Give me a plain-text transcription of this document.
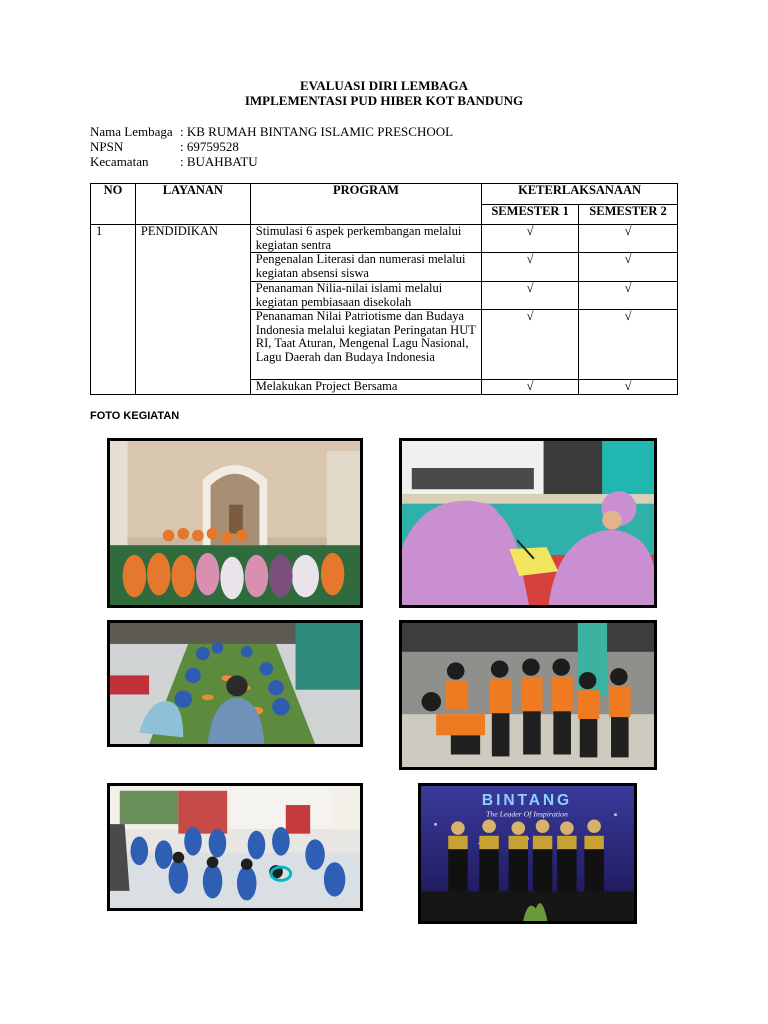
EVALUASI DIRI LEMBAGA
IMPLEMENTASI PUD HIBER KOT BANDUNG
Nama Lembaga : KB RUMAH BINTANG ISLAMIC PRESCHOOL
NPSN	: 69759528
Kecamatan : BUAHBATU
NO	LAYANAN	PROGRAM	KETERLAKSANAAN	
			SEMESTER 1	SEMESTER 2
1	PENDIDIKAN	Stimulasi 6 aspek perkembangan melalui kegiatan sentra	√	√
		Pengenalan Literasi dan numerasi melalui kegiatan absensi siswa	√	√
		Penanaman Nilia-nilai islami melalui kegiatan pembiasaan disekolah	√	√
		Penanaman Nilai Patriotisme dan Budaya Indonesia melalui kegiatan Peringatan HUT RI, Taat Aturan, Mengenal Lagu Nasional, Lagu Daerah dan Budaya Indonesia	√	√
		Melakukan Project Bersama	√	√
FOTO KEGIATAN
BINTANG
The Leader Of Inspiration
